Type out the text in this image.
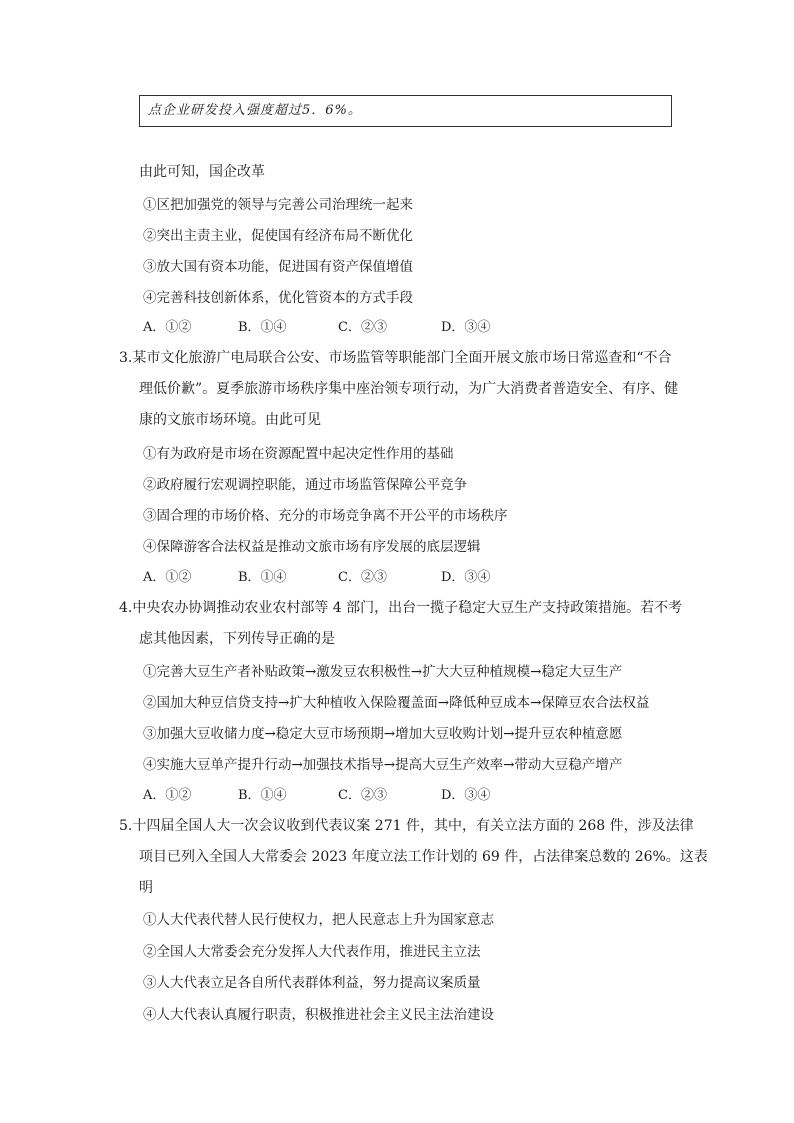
点企业研发投入强度超过5．6%。
由此可知，国企改革
①区把加强党的领导与完善公司治理统一起来
②突出主责主业，促使国有经济布局不断优化
③放大国有资本功能，促进国有资产保值增值
④完善科技创新体系，优化管资本的方式手段
A．①②	B．①④	C．②③	D．③④
3.某市文化旅游广电局联合公安、市场监管等职能部门全面开展文旅市场日常巡查和“不合
理低价歉”。夏季旅游市场秩序集中座治领专项行动，为广大消费者普造安全、有序、健
康的文旅市场环境。由此可见
①有为政府是市场在资源配置中起决定性作用的基础
②政府履行宏观调控职能，通过市场监管保障公平竞争
③固合理的市场价格、充分的市场竞争离不开公平的市场秩序
④保障游客合法权益是推动文旅市场有序发展的底层逻辑
A．①②	B．①④	C．②③	D．③④
4.中央农办协调推动农业农村部等 4 部门，出台一揽子稳定大豆生产支持政策措施。若不考
虑其他因素，下列传导正确的是
①完善大豆生产者补贴政策→激发豆农积极性→扩大大豆种植规模→稳定大豆生产
②国加大种豆信贷支持→扩大种植收入保险覆盖面→降低种豆成本→保障豆农合法权益
③加强大豆收储力度→稳定大豆市场预期→增加大豆收购计划→提升豆农种植意愿
④实施大豆单产提升行动→加强技术指导→提高大豆生产效率→带动大豆稳产增产
A．①②	B．①④	C．②③	D．③④
5.十四届全国人大一次会议收到代表议案 271 件，其中，有关立法方面的 268 件，涉及法律
项目已列入全国人大常委会 2023 年度立法工作计划的 69 件，占法律案总数的 26%。这表
明
①人大代表代替人民行使权力，把人民意志上升为国家意志
②全国人大常委会充分发挥人大代表作用，推进民主立法
③人大代表立足各自所代表群体利益，努力提高议案质量
④人大代表认真履行职责，积极推进社会主义民主法治建设
